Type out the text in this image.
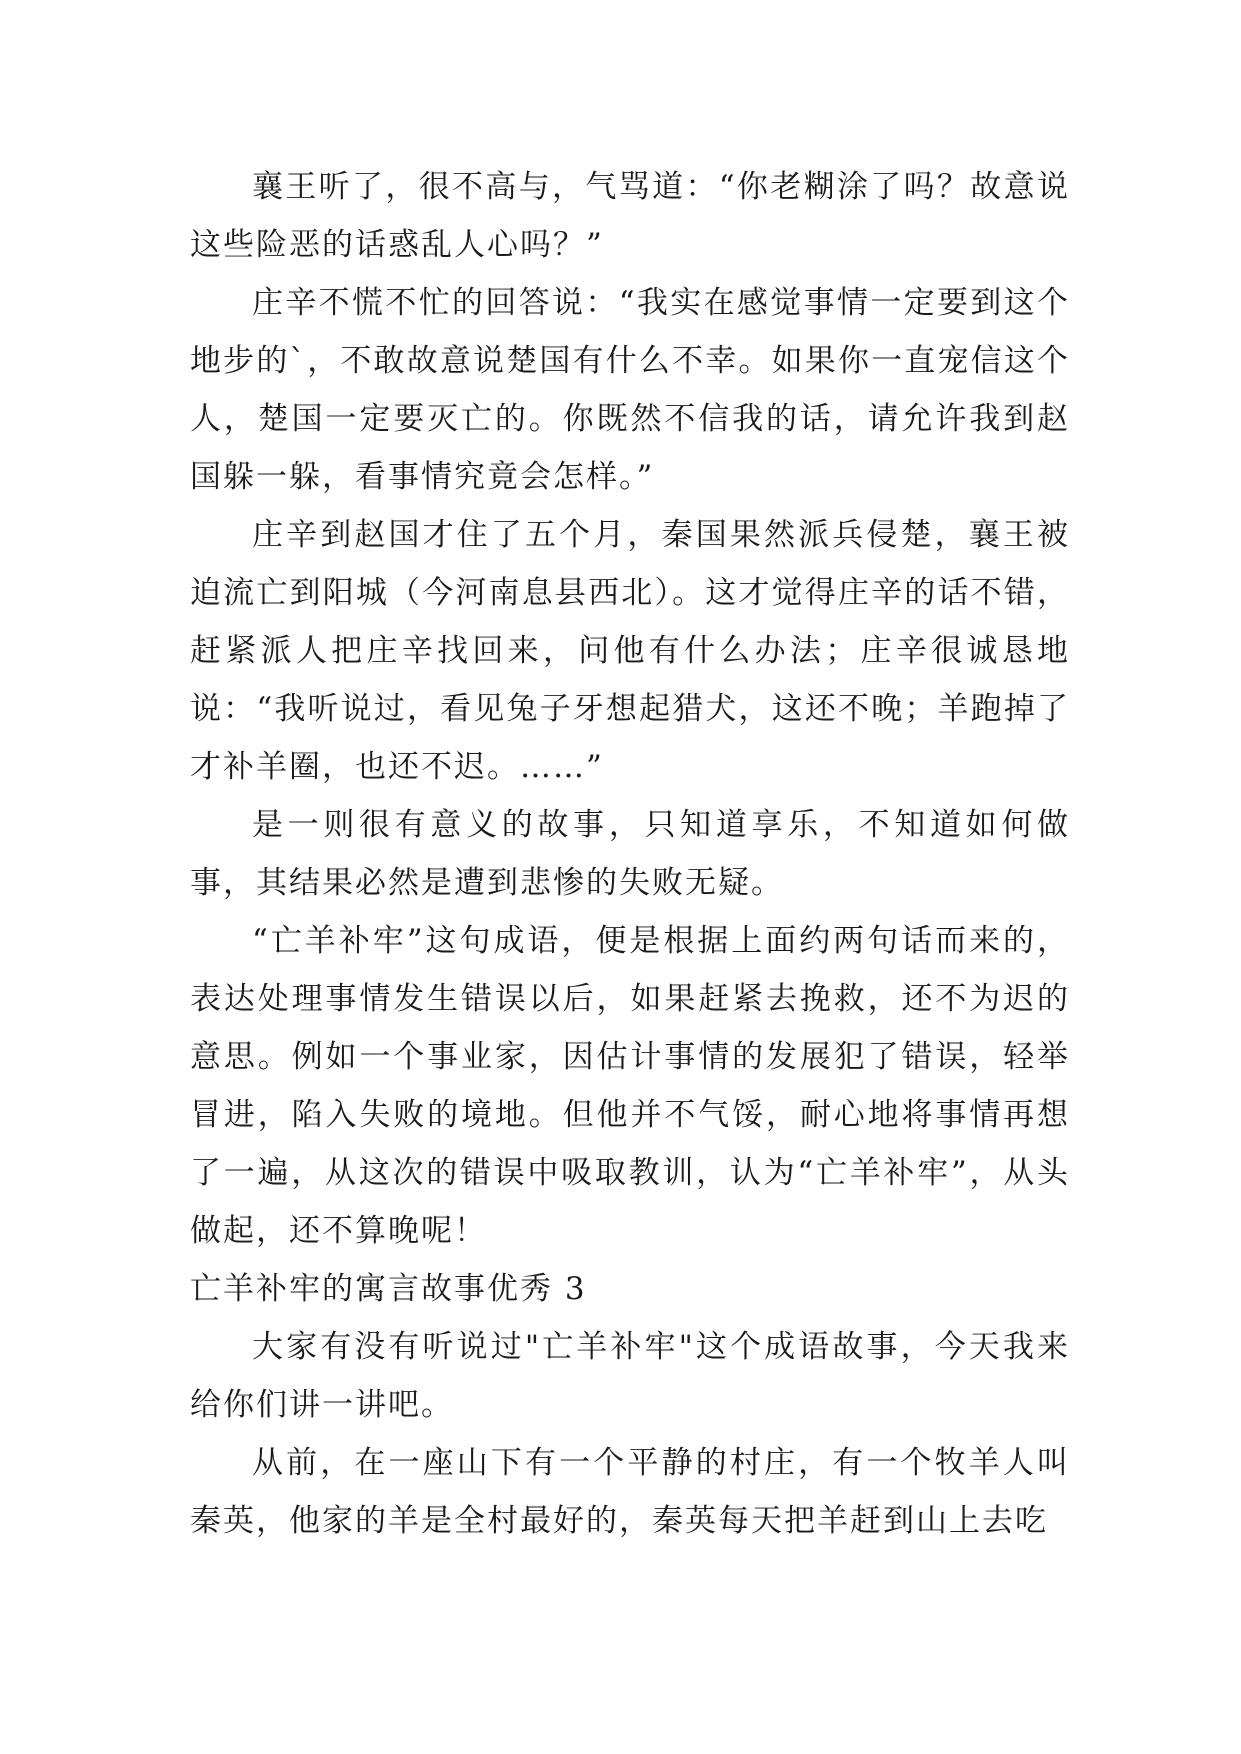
襄王听了，很不高与，气骂道：“你老糊涂了吗？故意说这些险恶的话惑乱人心吗？”

庄辛不慌不忙的回答说：“我实在感觉事情一定要到这个地步的`，不敢故意说楚国有什么不幸。如果你一直宠信这个人，楚国一定要灭亡的。你既然不信我的话，请允许我到赵国躲一躲，看事情究竟会怎样。”

庄辛到赵国才住了五个月，秦国果然派兵侵楚，襄王被迫流亡到阳城（今河南息县西北）。这才觉得庄辛的话不错，赶紧派人把庄辛找回来，问他有什么办法；庄辛很诚恳地说：“我听说过，看见兔子牙想起猎犬，这还不晚；羊跑掉了才补羊圈，也还不迟。……”

是一则很有意义的故事，只知道享乐，不知道如何做事，其结果必然是遭到悲惨的失败无疑。

“亡羊补牢”这句成语，便是根据上面约两句话而来的，表达处理事情发生错误以后，如果赶紧去挽救，还不为迟的意思。例如一个事业家，因估计事情的发展犯了错误，轻举冒进，陷入失败的境地。但他并不气馁，耐心地将事情再想了一遍，从这次的错误中吸取教训，认为“亡羊补牢”，从头做起，还不算晚呢！

亡羊补牢的寓言故事优秀 3

大家有没有听说过"亡羊补牢"这个成语故事，今天我来给你们讲一讲吧。

从前，在一座山下有一个平静的村庄，有一个牧羊人叫秦英，他家的羊是全村最好的，秦英每天把羊赶到山上去吃
